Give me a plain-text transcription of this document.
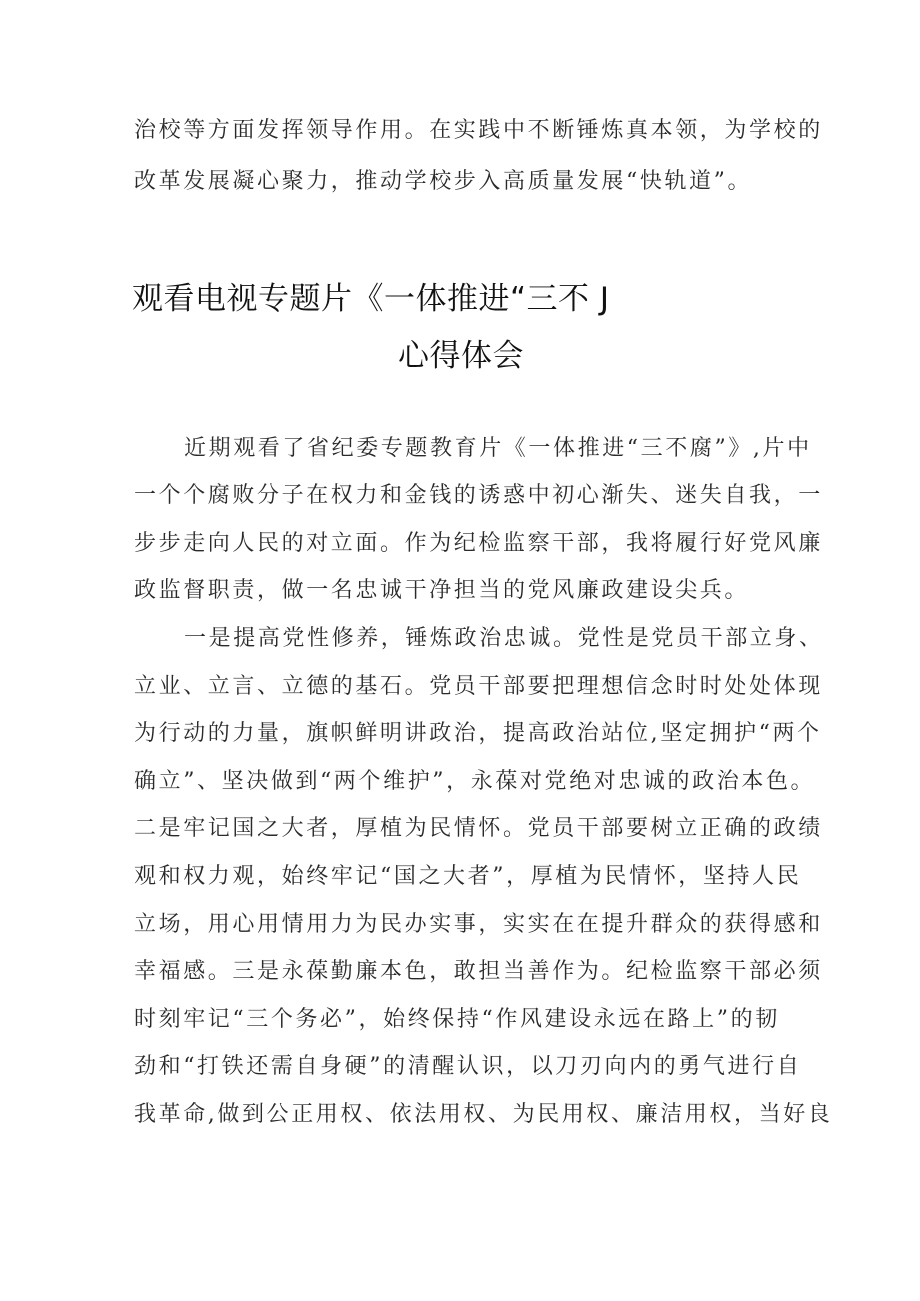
治校等方面发挥领导作用。在实践中不断锤炼真本领，为学校的
改革发展凝心聚力，推动学校步入高质量发展“快轨道”。
观看电视专题片《一体推进“三不 J
心得体会
近期观看了省纪委专题教育片《一体推进“三不腐”》,片中
一个个腐败分子在权力和金钱的诱惑中初心渐失、迷失自我，一
步步走向人民的对立面。作为纪检监察干部，我将履行好党风廉
政监督职责，做一名忠诚干净担当的党风廉政建设尖兵。
一是提高党性修养，锤炼政治忠诚。党性是党员干部立身、
立业、立言、立德的基石。党员干部要把理想信念时时处处体现
为行动的力量，旗帜鲜明讲政治，提高政治站位,坚定拥护“两个
确立”、坚决做到“两个维护”，永葆对党绝对忠诚的政治本色。
二是牢记国之大者，厚植为民情怀。党员干部要树立正确的政绩
观和权力观，始终牢记“国之大者”，厚植为民情怀，坚持人民
立场，用心用情用力为民办实事，实实在在提升群众的获得感和
幸福感。三是永葆勤廉本色，敢担当善作为。纪检监察干部必须
时刻牢记“三个务必”，始终保持“作风建设永远在路上”的韧
劲和“打铁还需自身硬”的清醒认识，以刀刃向内的勇气进行自
我革命,做到公正用权、依法用权、为民用权、廉洁用权，当好良
